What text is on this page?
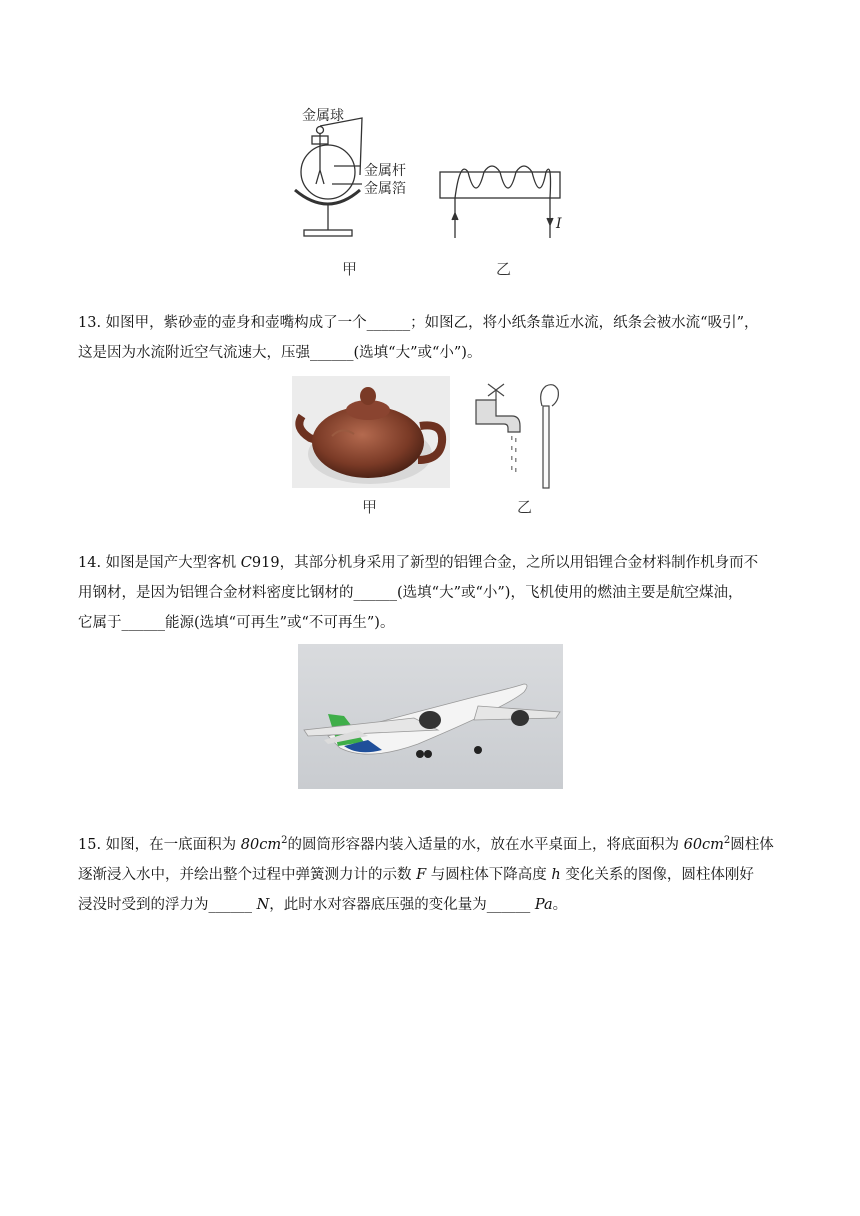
金属球
金属杆
金属箔
I
甲	乙
13. 如图甲，紫砂壶的壶身和壶嘴构成了一个______；如图乙，将小纸条靠近水流，纸条会被水流“吸引”，
这是因为水流附近空气流速大，压强______(选填“大”或“小”)。
甲	乙
14. 如图是国产大型客机 C919，其部分机身采用了新型的铝锂合金，之所以用铝锂合金材料制作机身而不
用钢材，是因为铝锂合金材料密度比钢材的______(选填“大”或“小”)，飞机使用的燃油主要是航空煤油，
它属于______能源(选填“可再生”或“不可再生”)。
15. 如图，在一底面积为 $80cm^2$的圆筒形容器内装入适量的水，放在水平桌面上，将底面积为 $60cm^2$圆柱体
逐渐浸入水中，并绘出整个过程中弹簧测力计的示数 F 与圆柱体下降高度 h 变化关系的图像，圆柱体刚好
浸没时受到的浮力为______ N，此时水对容器底压强的变化量为______ Pa。
